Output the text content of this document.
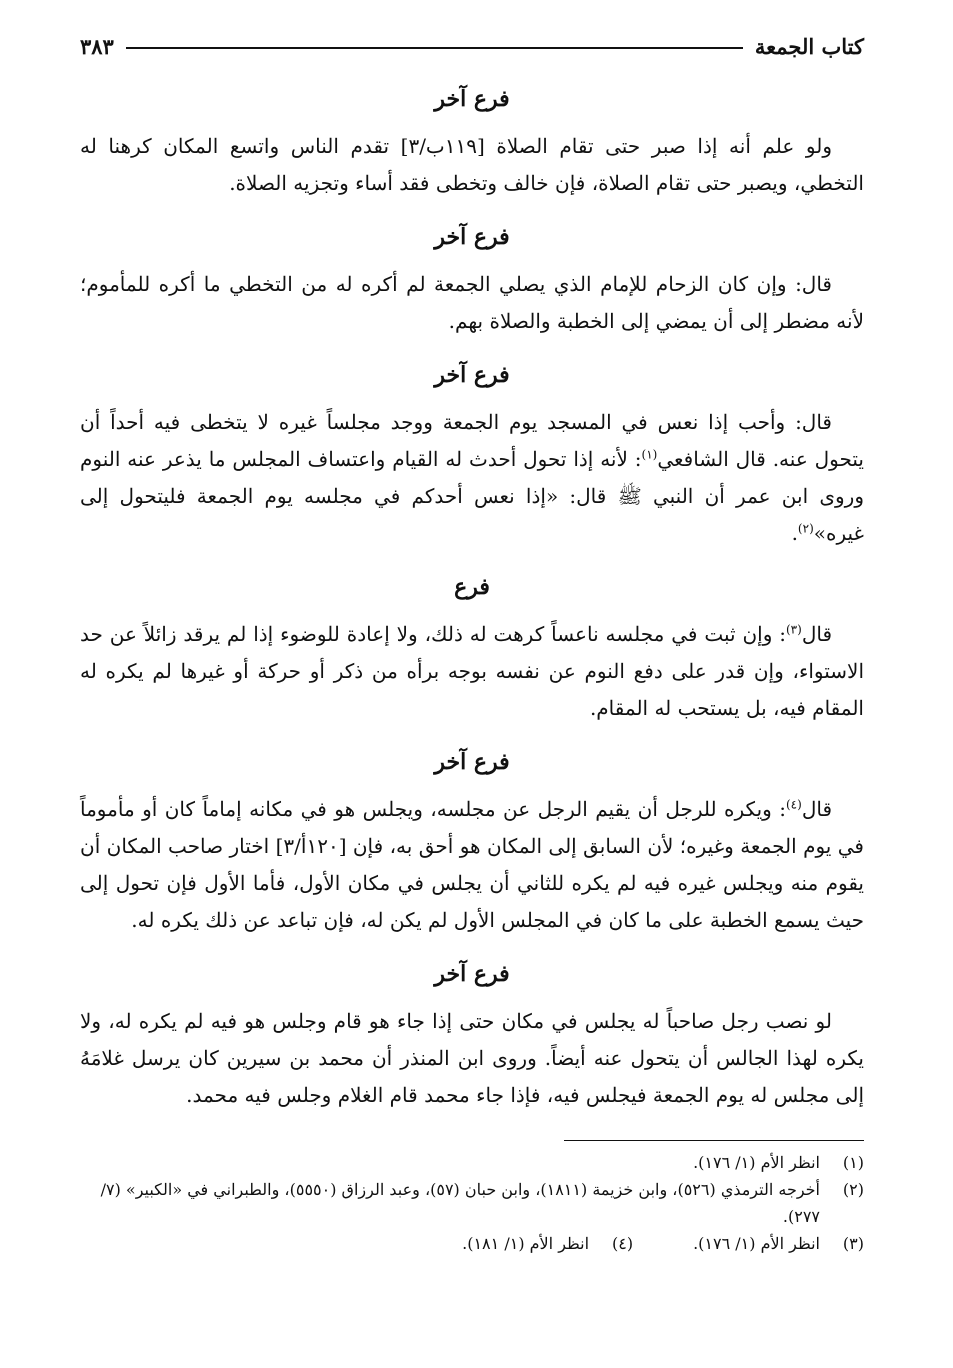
كتاب الجمعة
٣٨٣
فرع آخر

ولو علم أنه إذا صبر حتى تقام الصلاة [١١٩ب/٣] تقدم الناس واتسع المكان كرهنا له التخطي، ويصبر حتى تقام الصلاة، فإن خالف وتخطى فقد أساء وتجزيه الصلاة.

فرع آخر

قال: وإن كان الزحام للإمام الذي يصلي الجمعة لم أكره له من التخطي ما أكره للمأموم؛ لأنه مضطر إلى أن يمضي إلى الخطبة والصلاة بهم.

فرع آخر

قال: وأحب إذا نعس في المسجد يوم الجمعة ووجد مجلساً غيره لا يتخطى فيه أحداً أن يتحول عنه. قال الشافعي$^{(١)}$: لأنه إذا تحول أحدث له القيام واعتساف المجلس ما يذعر عنه النوم وروى ابن عمر أن النبي ﷺ قال: «إذا نعس أحدكم في مجلسه يوم الجمعة فليتحول إلى غيره»$^{(٢)}$.

فرع

قال$^{(٣)}$: وإن ثبت في مجلسه ناعساً كرهت له ذلك، ولا إعادة للوضوء إذا لم يرقد زائلاً عن حد الاستواء، وإن قدر على دفع النوم عن نفسه بوجه برأه من ذكر أو حركة أو غيرها لم يكره له المقام فيه، بل يستحب له المقام.

فرع آخر

قال$^{(٤)}$: ويكره للرجل أن يقيم الرجل عن مجلسه، ويجلس هو في مكانه إماماً كان أو مأموماً في يوم الجمعة وغيره؛ لأن السابق إلى المكان هو أحق به، فإن [١٢٠أ/٣] اختار صاحب المكان أن يقوم منه ويجلس غيره فيه لم يكره للثاني أن يجلس في مكان الأول، فأما الأول فإن تحول إلى حيث يسمع الخطبة على ما كان في المجلس الأول لم يكن له، فإن تباعد عن ذلك يكره له.

فرع آخر

لو نصب رجل صاحباً له يجلس في مكان حتى إذا جاء هو قام وجلس هو فيه لم يكره له، ولا يكره لهذا الجالس أن يتحول عنه أيضاً. وروى ابن المنذر أن محمد بن سيرين كان يرسل غلامَهُ إلى مجلس له يوم الجمعة فيجلس فيه، فإذا جاء محمد قام الغلام وجلس فيه محمد.

(١)
انظر الأم (١/ ١٧٦).
(٢)
أخرجه الترمذي (٥٢٦)، وابن خزيمة (١٨١١)، وابن حبان (٥٧)، وعبد الرزاق (٥٥٥٠)، والطبراني في «الكبير» (٧/ ٢٧٧).
(٣)
انظر الأم (١/ ١٧٦).
(٤)
انظر الأم (١/ ١٨١).
